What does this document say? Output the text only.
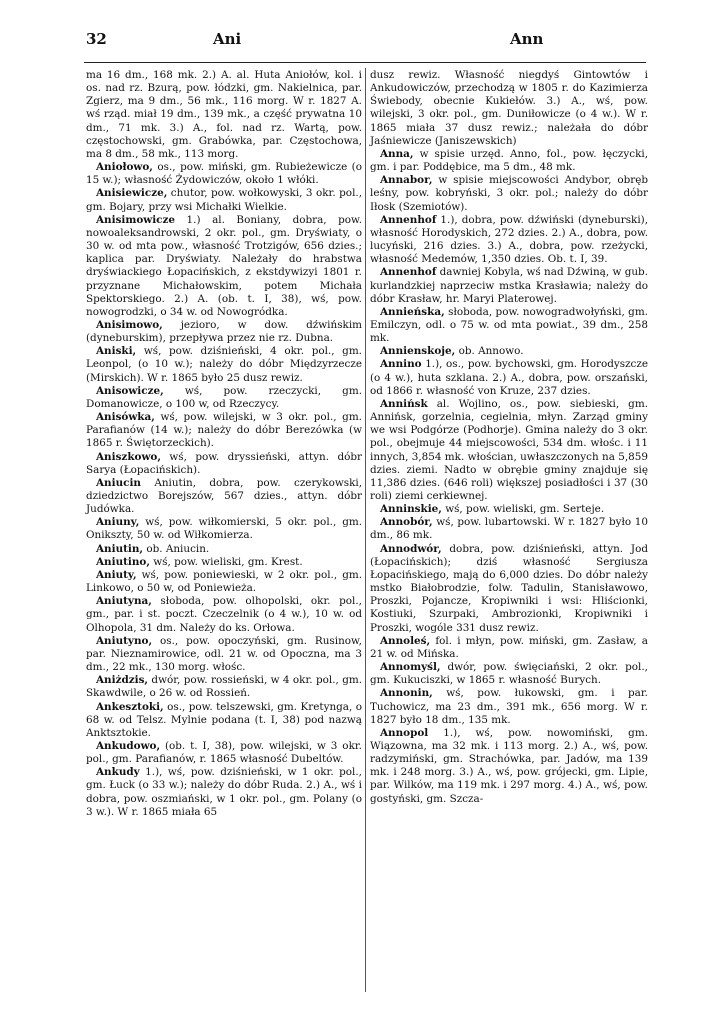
32	Ani	Ann

ma 16 dm., 168 mk. 2.) A. al. Huta Aniołów, kol. i os. nad rz. Bzurą, pow. łódzki, gm. Nakielnica, par. Zgierz, ma 9 dm., 56 mk., 116 morg. W r. 1827 A. wś rząd. miał 19 dm., 139 mk., a część prywatna 10 dm., 71 mk. 3.) A., fol. nad rz. Wartą, pow. częstochowski, gm. Grabówka, par. Częstochowa, ma 8 dm., 58 mk., 113 morg.

Aniołowo, os., pow. miński, gm. Rubieżewicze (o 15 w.); własność Żydowiczów, około 1 włóki.

Anisiewicze, chutor, pow. wołkowyski, 3 okr. pol., gm. Bojary, przy wsi Michałki Wielkie.

Anisimowicze 1.) al. Boniany, dobra, pow. nowoaleksandrowski, 2 okr. pol., gm. Dryświaty, o 30 w. od mta pow., własność Trotzigów, 656 dzies.; kaplica par. Dryświaty. Należały do hrabstwa dryświackiego Łopacińskich, z ekstdywizyi 1801 r. przyznane Michałowskim, potem Michała Spektorskiego. 2.) A. (ob. t. I, 38), wś, pow. nowogrodzki, o 34 w. od Nowogródka.

Anisimowo, jezioro, w dow. dźwińskim (dyneburskim), przepływa przez nie rz. Dubna.

Aniski, wś, pow. dziśnieński, 4 okr. pol., gm. Leonpol, (o 10 w.); należy do dóbr Międzyrzecze (Mirskich). W r. 1865 było 25 dusz rewiz.

Anisowicze, wś, pow. rzeczycki, gm. Domanowicze, o 100 w, od Rzeczycy.

Anisówka, wś, pow. wilejski, w 3 okr. pol., gm. Parafianów (14 w.); należy do dóbr Berezówka (w 1865 r. Świętorzeckich).

Aniszkowo, wś, pow. dryssieński, attyn. dóbr Sarya (Łopacińskich).

Aniucin Aniutin, dobra, pow. czerykowski, dziedzictwo Borejszów, 567 dzies., attyn. dóbr Judówka.

Aniuny, wś, pow. wiłkomierski, 5 okr. pol., gm. Onikszty, 50 w. od Wiłkomierza.

Aniutin, ob. Aniucin.

Aniutino, wś, pow. wieliski, gm. Krest.

Aniuty, wś, pow. poniewieski, w 2 okr. pol., gm. Linkowo, o 50 w, od Poniewieża.

Aniutyna, słoboda, pow. olhopolski, okr. pol., gm., par. i st. poczt. Czeczelnik (o 4 w.), 10 w. od Olhopola, 31 dm. Należy do ks. Orłowa.

Aniutyno, os., pow. opoczyński, gm. Rusinow, par. Nieznamirowice, odl. 21 w. od Opoczna, ma 3 dm., 22 mk., 130 morg. włośc.

Aniżdzis, dwór, pow. rossieński, w 4 okr. pol., gm. Skawdwile, o 26 w. od Rossień.

Ankesztoki, os., pow. telszewski, gm. Kretynga, o 68 w. od Telsz. Mylnie podana (t. I, 38) pod nazwą Anktsztokie.

Ankudowo, (ob. t. I, 38), pow. wilejski, w 3 okr. pol., gm. Parafianów, r. 1865 własność Dubeltów.

Ankudy 1.), wś, pow. dziśnieński, w 1 okr. pol., gm. Łuck (o 33 w.); należy do dóbr Ruda. 2.) A., wś i dobra, pow. oszmiański, w 1 okr. pol., gm. Polany (o 3 w.). W r. 1865 miała 65

dusz rewiz. Własność niegdyś Gintowtów i Ankudowiczów, przechodzą w 1805 r. do Kazimierza Świebody, obecnie Kukiełów. 3.) A., wś, pow. wilejski, 3 okr. pol., gm. Duniłowicze (o 4 w.). W r. 1865 miała 37 dusz rewiz.; należała do dóbr Jaśniewicze (Janiszewskich)

Anna, w spisie urzęd. Anno, fol., pow. łęczycki, gm. i par. Poddębice, ma 5 dm., 48 mk.

Annabor, w spisie miejscowości Andybor, obręb leśny, pow. kobryński, 3 okr. pol.; należy do dóbr Iłosk (Szemiotów).

Annenhof 1.), dobra, pow. dźwiński (dyneburski), własność Horodyskich, 272 dzies. 2.) A., dobra, pow. lucyński, 216 dzies. 3.) A., dobra, pow. rzeżycki, własność Medemów, 1,350 dzies. Ob. t. I, 39.

Annenhof dawniej Kobyla, wś nad Dźwiną, w gub. kurlandzkiej naprzeciw mstka Krasławia; należy do dóbr Krasław, hr. Maryi Platerowej.

Annieńska, słoboda, pow. nowogradwołyński, gm. Emilczyn, odl. o 75 w. od mta powiat., 39 dm., 258 mk.

Annienskoje, ob. Annowo.

Annino 1.), os., pow. bychowski, gm. Horodyszcze (o 4 w.), huta szklana. 2.) A., dobra, pow. orszański, od 1866 r. własność von Kruze, 237 dzies.

Annińsk al. Wojlino, os., pow. siebieski, gm. Annińsk, gorzelnia, cegielnia, młyn. Zarząd gminy we wsi Podgórze (Podhorje). Gmina należy do 3 okr. pol., obejmuje 44 miejscowości, 534 dm. włośc. i 11 innych, 3,854 mk. włościan, uwłaszczonych na 5,859 dzies. ziemi. Nadto w obrębie gminy znajduje się 11,386 dzies. (646 roli) większej posiadłości i 37 (30 roli) ziemi cerkiewnej.

Anninskie, wś, pow. wieliski, gm. Serteje.

Annobór, wś, pow. lubartowski. W r. 1827 było 10 dm., 86 mk.

Annodwór, dobra, pow. dziśnieński, attyn. Jod (Łopacińskich); dziś własność Sergiusza Łopacińskiego, mają do 6,000 dzies. Do dóbr należy mstko Białobrodzie, folw. Tadulin, Stanisławowo, Proszki, Pojancze, Kropiwniki i wsi: Hliścionki, Kostiuki, Szurpaki, Ambrozionki, Kropiwniki i Proszki, wogóle 331 dusz rewiz.

Annoleś, fol. i młyn, pow. miński, gm. Zasław, a 21 w. od Mińska.

Annomyśl, dwór, pow. święciański, 2 okr. pol., gm. Kukuciszki, w 1865 r. własność Burych.

Annonin, wś, pow. łukowski, gm. i par. Tuchowicz, ma 23 dm., 391 mk., 656 morg. W r. 1827 było 18 dm., 135 mk.

Annopol 1.), wś, pow. nowomiński, gm. Wiązowna, ma 32 mk. i 113 morg. 2.) A., wś, pow. radzymiński, gm. Strachówka, par. Jadów, ma 139 mk. i 248 morg. 3.) A., wś, pow. grójecki, gm. Lipie, par. Wilków, ma 119 mk. i 297 morg. 4.) A., wś, pow. gostyński, gm. Szcza-
